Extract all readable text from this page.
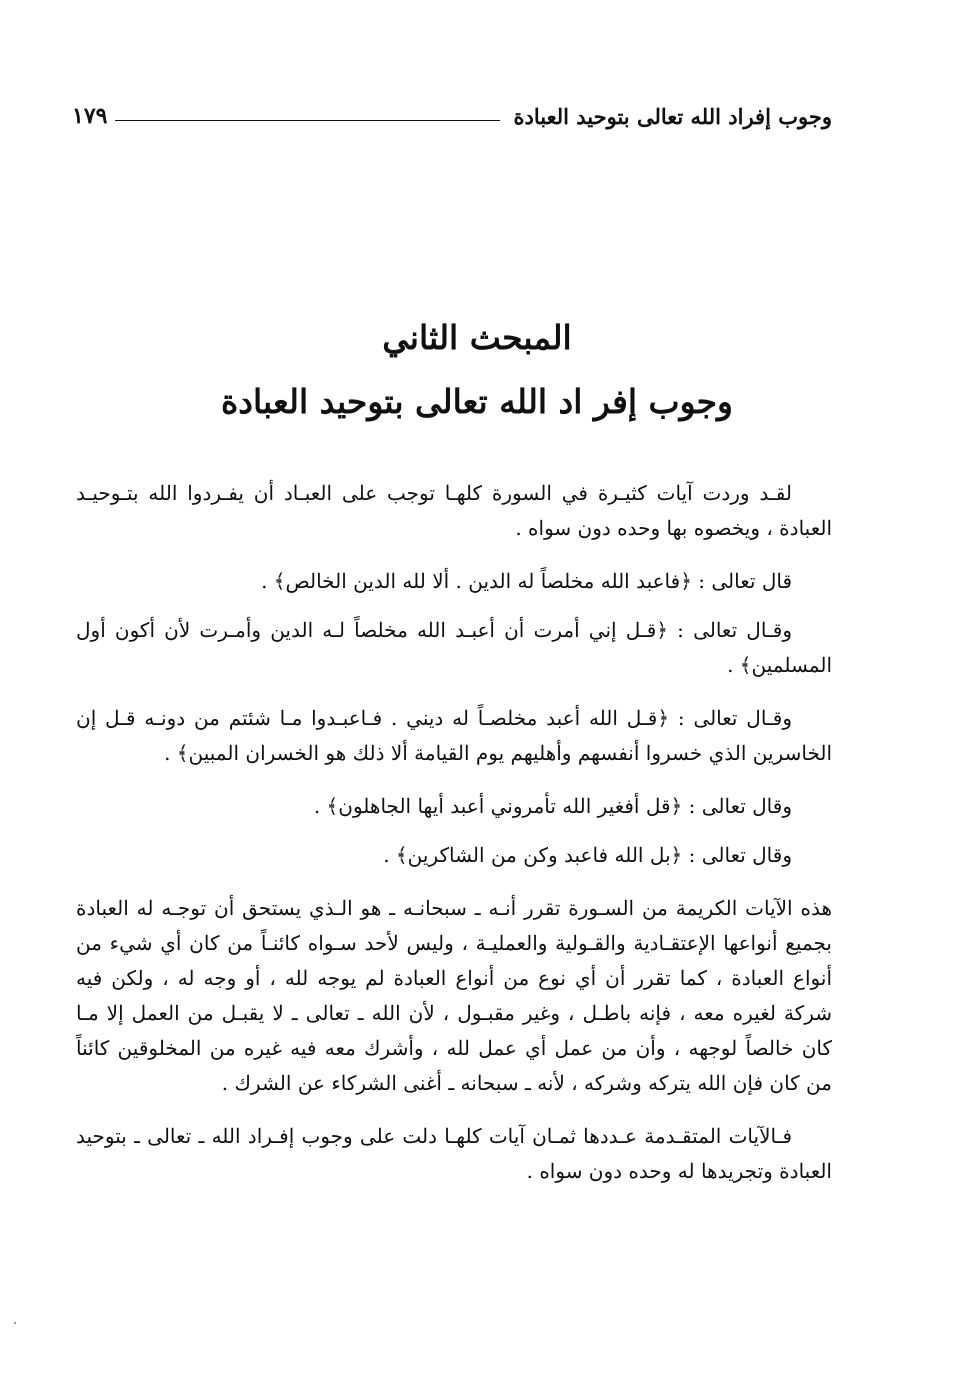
وجوب إفراد الله تعالى بتوحيد العبادة
١٧٩
المبحث الثاني
وجوب إفر اد الله تعالى بتوحيد العبادة

لقـد وردت آيات كثيـرة في السورة كلهـا توجب على العبـاد أن يفـردوا الله بتـوحيـد العبادة ، ويخصوه بها وحده دون سواه .

قال تعالى : ﴿فاعبد الله مخلصاً له الدين . ألا لله الدين الخالص﴾ .

وقـال تعالى : ﴿قـل إني أمرت أن أعبـد الله مخلصاً لـه الدين وأمـرت لأن أكون أول المسلمين﴾ .

وقـال تعالى : ﴿قـل الله أعبد مخلصـاً له ديني . فـاعبـدوا مـا شئتم من دونـه قـل إن الخاسرين الذي خسروا أنفسهم وأهليهم يوم القيامة ألا ذلك هو الخسران المبين﴾ .

وقال تعالى : ﴿قل أفغير الله تأمروني أعبد أيها الجاهلون﴾ .

وقال تعالى : ﴿بل الله فاعبد وكن من الشاكرين﴾ .

هذه الآيات الكريمة من السـورة تقرر أنـه ـ سبحانـه ـ هو الـذي يستحق أن توجـه له العبادة بجميع أنواعها الإعتقـادية والقـولية والعمليـة ، وليس لأحد سـواه كائنـاً من كان أي شيء من أنواع العبادة ، كما تقرر أن أي نوع من أنواع العبادة لم يوجه لله ، أو وجه له ، ولكن فيه شركة لغيره معه ، فإنه باطـل ، وغير مقبـول ، لأن الله ـ تعالى ـ لا يقبـل من العمل إلا مـا كان خالصاً لوجهه ، وأن من عمل أي عمل لله ، وأشرك معه فيه غيره من المخلوقين كائناً من كان فإن الله يتركه وشركه ، لأنه ـ سبحانه ـ أغنى الشركاء عن الشرك .

فـالآيات المتقـدمة عـددها ثمـان آيات كلهـا دلت على وجوب إفـراد الله ـ تعالى ـ بتوحيد العبادة وتجريدها له وحده دون سواه .
